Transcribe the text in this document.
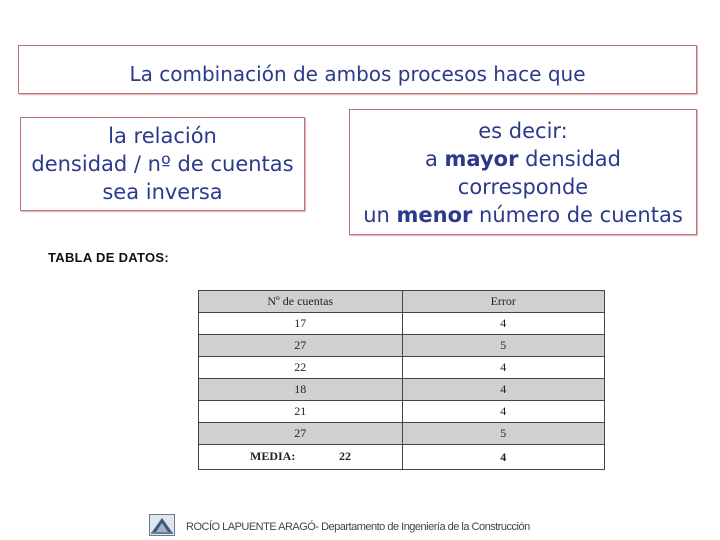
La combinación de ambos procesos hace que
la relación
densidad / nº de cuentas
sea inversa
es decir:
a mayor densidad
corresponde
un menor número de cuentas
TABLA DE DATOS:
Nº de cuentas	Error
17	4
27	5
22	4
18	4
21	4
27	5

MEDIA: 22	4
ROCÍO LAPUENTE ARAGÓ- Departamento de Ingeniería de la Construcción
